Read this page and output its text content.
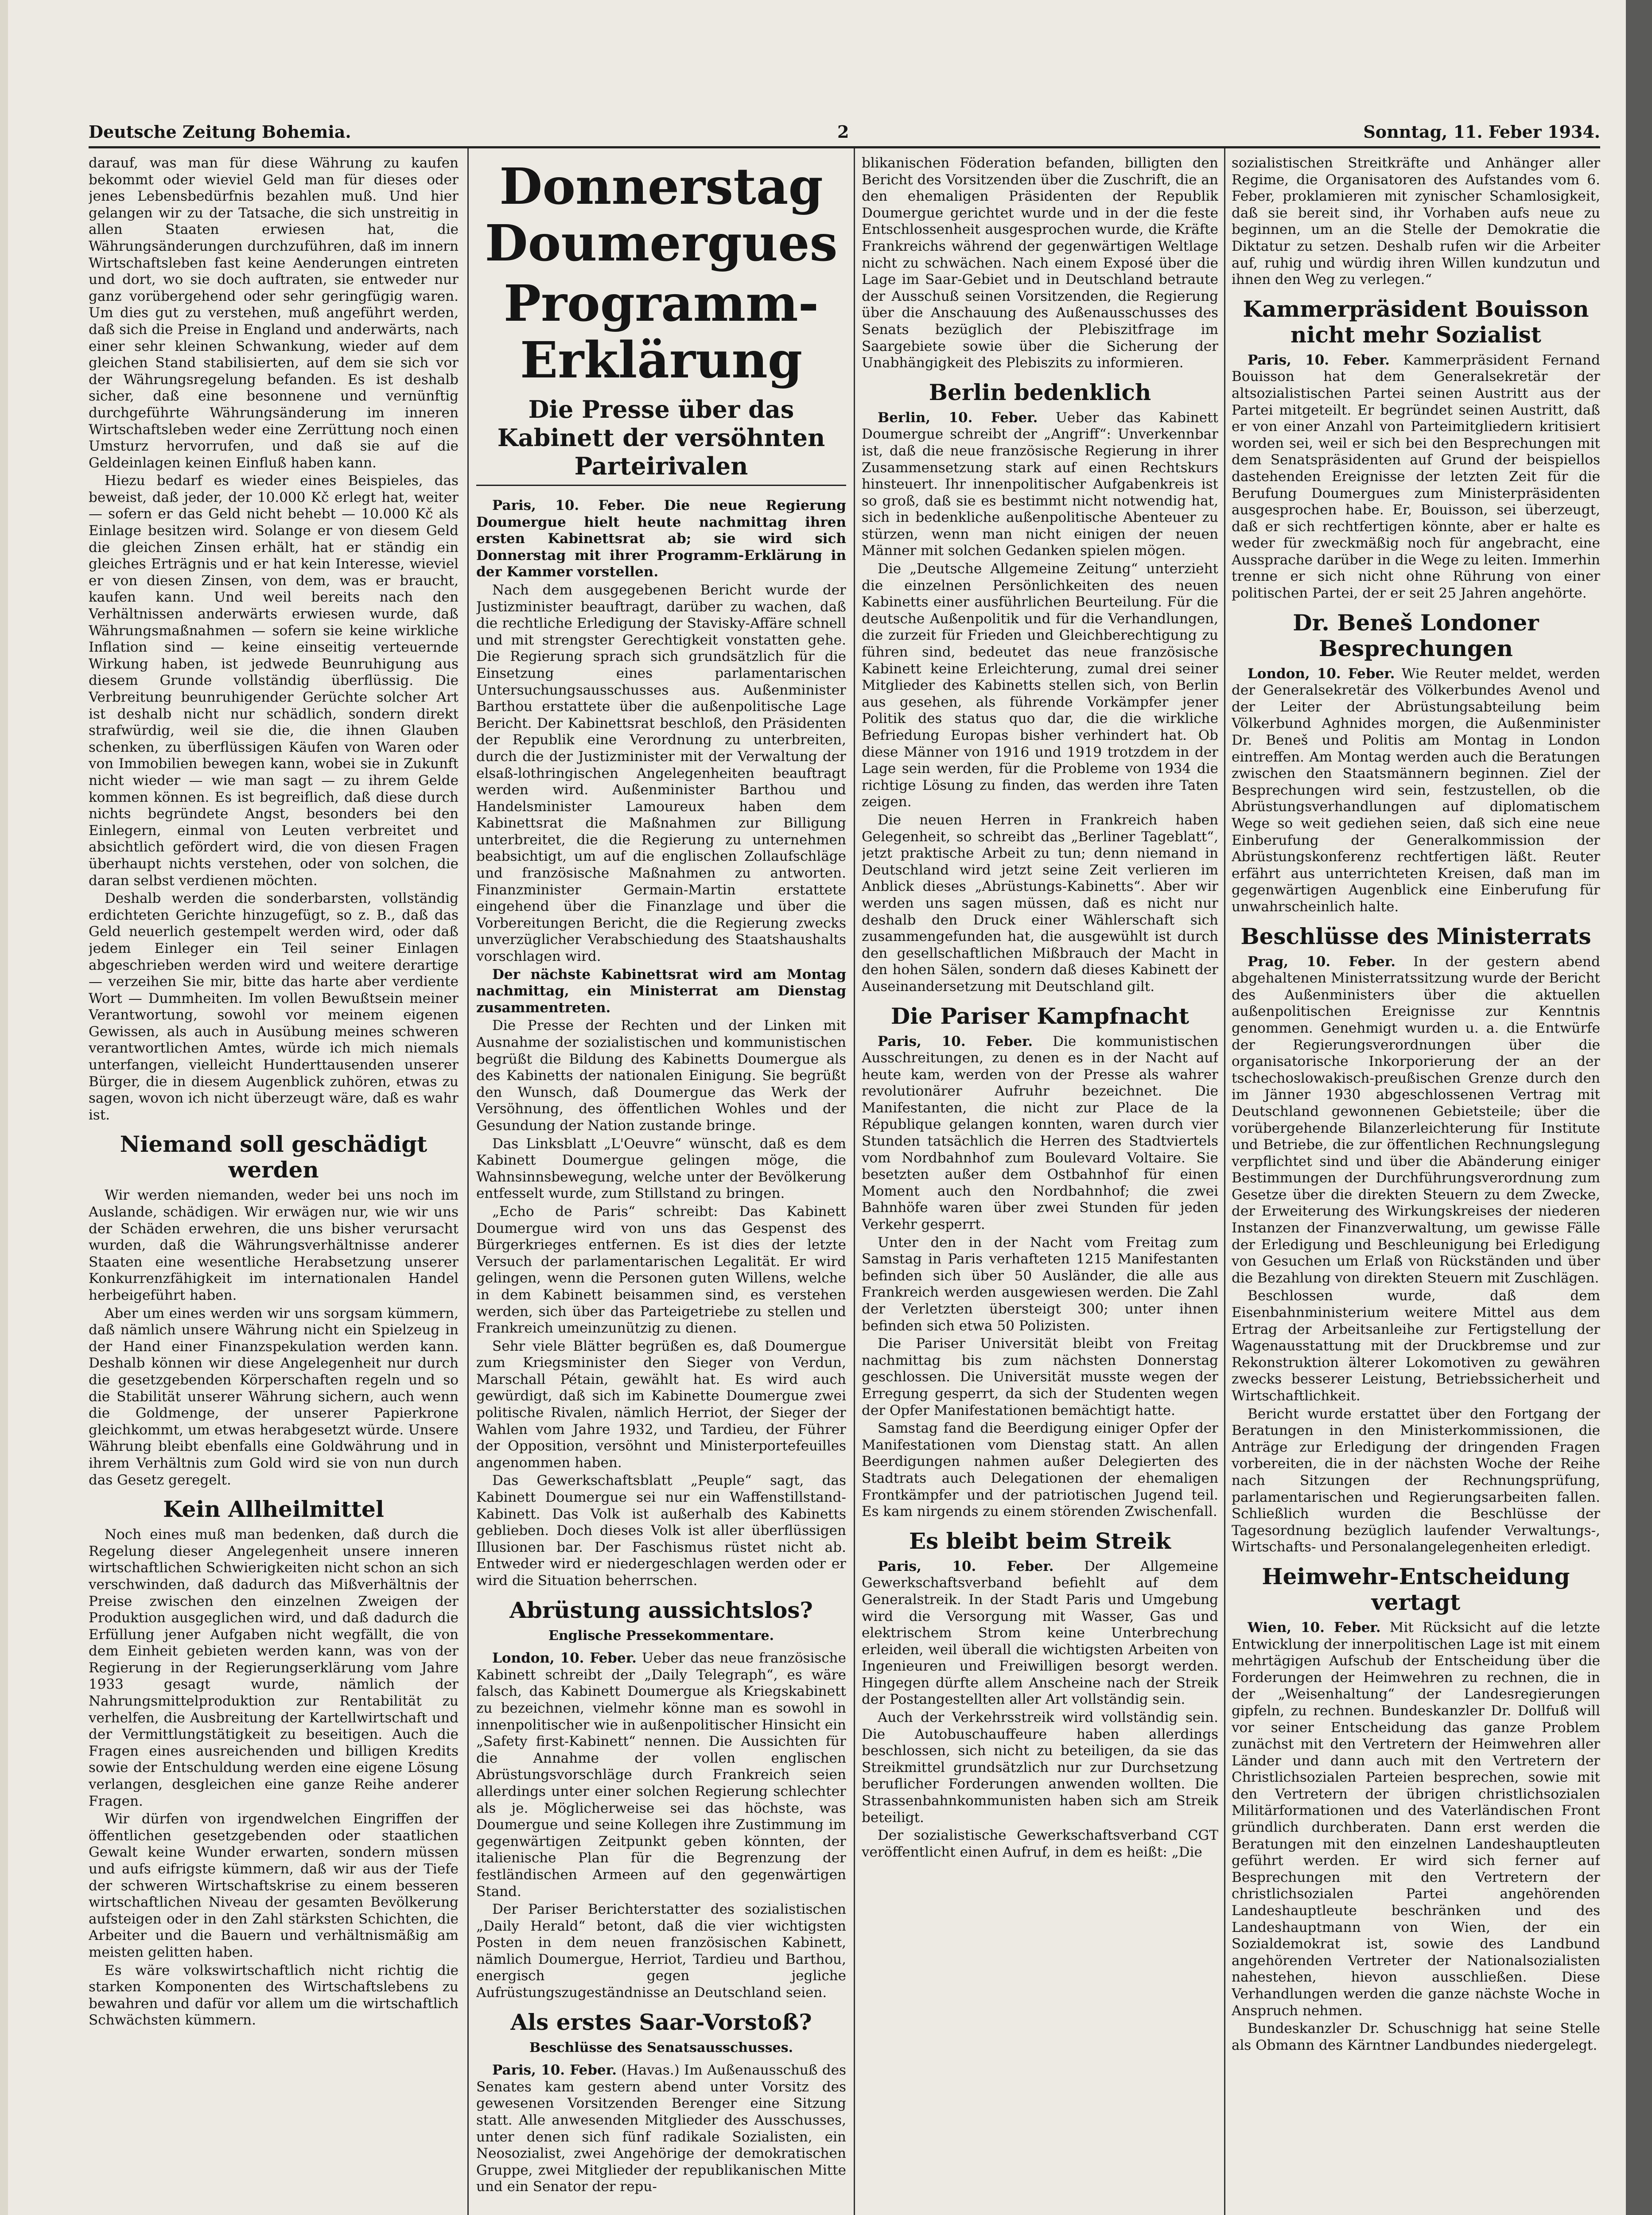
Deutsche Zeitung Bohemia.	2	Sonntag, 11. Feber 1934.

darauf, was man für diese Währung zu kaufen bekommt oder wieviel Geld man für dieses oder jenes Lebensbedürfnis bezahlen muß. Und hier gelangen wir zu der Tatsache, die sich unstreitig in allen Staaten erwiesen hat, die Währungsänderungen durchzuführen, daß im innern Wirtschaftsleben fast keine Aenderungen eintreten und dort, wo sie doch auftraten, sie entweder nur ganz vorübergehend oder sehr geringfügig waren. Um dies gut zu verstehen, muß angeführt werden, daß sich die Preise in England und anderwärts, nach einer sehr kleinen Schwankung, wieder auf dem gleichen Stand stabilisierten, auf dem sie sich vor der Währungsregelung befanden. Es ist deshalb sicher, daß eine besonnene und vernünftig durchgeführte Währungsänderung im inneren Wirtschaftsleben weder eine Zerrüttung noch einen Umsturz hervorrufen, und daß sie auf die Geldeinlagen keinen Einfluß haben kann.

Hiezu bedarf es wieder eines Beispieles, das beweist, daß jeder, der 10.000 Kč erlegt hat, weiter — sofern er das Geld nicht behebt — 10.000 Kč als Einlage besitzen wird. Solange er von diesem Geld die gleichen Zinsen erhält, hat er ständig ein gleiches Erträgnis und er hat kein Interesse, wieviel er von diesen Zinsen, von dem, was er braucht, kaufen kann. Und weil bereits nach den Verhältnissen anderwärts erwiesen wurde, daß Währungsmaßnahmen — sofern sie keine wirkliche Inflation sind — keine einseitig verteuernde Wirkung haben, ist jedwede Beunruhigung aus diesem Grunde vollständig überflüssig. Die Verbreitung beunruhigender Gerüchte solcher Art ist deshalb nicht nur schädlich, sondern direkt strafwürdig, weil sie die, die ihnen Glauben schenken, zu überflüssigen Käufen von Waren oder von Immobilien bewegen kann, wobei sie in Zukunft nicht wieder — wie man sagt — zu ihrem Gelde kommen können. Es ist begreiflich, daß diese durch nichts begründete Angst, besonders bei den Einlegern, einmal von Leuten verbreitet und absichtlich gefördert wird, die von diesen Fragen überhaupt nichts verstehen, oder von solchen, die daran selbst verdienen möchten.

Deshalb werden die sonderbarsten, vollständig erdichteten Gerichte hinzugefügt, so z. B., daß das Geld neuerlich gestempelt werden wird, oder daß jedem Einleger ein Teil seiner Einlagen abgeschrieben werden wird und weitere derartige — verzeihen Sie mir, bitte das harte aber verdiente Wort — Dummheiten. Im vollen Bewußtsein meiner Verantwortung, sowohl vor meinem eigenen Gewissen, als auch in Ausübung meines schweren verantwortlichen Amtes, würde ich mich niemals unterfangen, vielleicht Hunderttausenden unserer Bürger, die in diesem Augenblick zuhören, etwas zu sagen, wovon ich nicht überzeugt wäre, daß es wahr ist.

Niemand soll geschädigt werden

Wir werden niemanden, weder bei uns noch im Auslande, schädigen. Wir erwägen nur, wie wir uns der Schäden erwehren, die uns bisher verursacht wurden, daß die Währungsverhältnisse anderer Staaten eine wesentliche Herabsetzung unserer Konkurrenzfähigkeit im internationalen Handel herbeigeführt haben.

Aber um eines werden wir uns sorgsam kümmern, daß nämlich unsere Währung nicht ein Spielzeug in der Hand einer Finanzspekulation werden kann. Deshalb können wir diese Angelegenheit nur durch die gesetzgebenden Körperschaften regeln und so die Stabilität unserer Währung sichern, auch wenn die Goldmenge, der unserer Papierkrone gleichkommt, um etwas herabgesetzt würde. Unsere Währung bleibt ebenfalls eine Goldwährung und in ihrem Verhältnis zum Gold wird sie von nun durch das Gesetz geregelt.

Kein Allheilmittel

Noch eines muß man bedenken, daß durch die Regelung dieser Angelegenheit unsere inneren wirtschaftlichen Schwierigkeiten nicht schon an sich verschwinden, daß dadurch das Mißverhältnis der Preise zwischen den einzelnen Zweigen der Produktion ausgeglichen wird, und daß dadurch die Erfüllung jener Aufgaben nicht wegfällt, die von dem Einheit gebieten werden kann, was von der Regierung in der Regierungserklärung vom Jahre 1933 gesagt wurde, nämlich der Nahrungsmittelproduktion zur Rentabilität zu verhelfen, die Ausbreitung der Kartellwirtschaft und der Vermittlungstätigkeit zu beseitigen. Auch die Fragen eines ausreichenden und billigen Kredits sowie der Entschuldung werden eine eigene Lösung verlangen, desgleichen eine ganze Reihe anderer Fragen.

Wir dürfen von irgendwelchen Eingriffen der öffentlichen gesetzgebenden oder staatlichen Gewalt keine Wunder erwarten, sondern müssen und aufs eifrigste kümmern, daß wir aus der Tiefe der schweren Wirtschaftskrise zu einem besseren wirtschaftlichen Niveau der gesamten Bevölkerung aufsteigen oder in den Zahl stärksten Schichten, die Arbeiter und die Bauern und verhältnismäßig am meisten gelitten haben.

Es wäre volkswirtschaftlich nicht richtig die starken Komponenten des Wirtschaftslebens zu bewahren und dafür vor allem um die wirtschaftlich Schwächsten kümmern.

Donnerstag Doumergues
Programm-Erklärung
Die Presse über das Kabinett der versöhnten Parteirivalen

Paris, 10. Feber. Die neue Regierung Doumergue hielt heute nachmittag ihren ersten Kabinettsrat ab; sie wird sich Donnerstag mit ihrer Programm-Erklärung in der Kammer vorstellen.

Nach dem ausgegebenen Bericht wurde der Justizminister beauftragt, darüber zu wachen, daß die rechtliche Erledigung der Stavisky-Affäre schnell und mit strengster Gerechtigkeit vonstatten gehe. Die Regierung sprach sich grundsätzlich für die Einsetzung eines parlamentarischen Untersuchungsausschusses aus. Außenminister Barthou erstattete über die außenpolitische Lage Bericht. Der Kabinettsrat beschloß, den Präsidenten der Republik eine Verordnung zu unterbreiten, durch die der Justizminister mit der Verwaltung der elsaß-lothringischen Angelegenheiten beauftragt werden wird. Außenminister Barthou und Handelsminister Lamoureux haben dem Kabinettsrat die Maßnahmen zur Billigung unterbreitet, die die Regierung zu unternehmen beabsichtigt, um auf die englischen Zollaufschläge und französische Maßnahmen zu antworten. Finanzminister Germain-Martin erstattete eingehend über die Finanzlage und über die Vorbereitungen Bericht, die die Regierung zwecks unverzüglicher Verabschiedung des Staatshaushalts vorschlagen wird.

Der nächste Kabinettsrat wird am Montag nachmittag, ein Ministerrat am Dienstag zusammentreten.

Die Presse der Rechten und der Linken mit Ausnahme der sozialistischen und kommunistischen begrüßt die Bildung des Kabinetts Doumergue als des Kabinetts der nationalen Einigung. Sie begrüßt den Wunsch, daß Doumergue das Werk der Versöhnung, des öffentlichen Wohles und der Gesundung der Nation zustande bringe.

Das Linksblatt „L'Oeuvre“ wünscht, daß es dem Kabinett Doumergue gelingen möge, die Wahnsinnsbewegung, welche unter der Bevölkerung entfesselt wurde, zum Stillstand zu bringen.

„Echo de Paris“ schreibt: Das Kabinett Doumergue wird von uns das Gespenst des Bürgerkrieges entfernen. Es ist dies der letzte Versuch der parlamentarischen Legalität. Er wird gelingen, wenn die Personen guten Willens, welche in dem Kabinett beisammen sind, es verstehen werden, sich über das Parteigetriebe zu stellen und Frankreich umeinzunützig zu dienen.

Sehr viele Blätter begrüßen es, daß Doumergue zum Kriegsminister den Sieger von Verdun, Marschall Pétain, gewählt hat. Es wird auch gewürdigt, daß sich im Kabinette Doumergue zwei politische Rivalen, nämlich Herriot, der Sieger der Wahlen vom Jahre 1932, und Tardieu, der Führer der Opposition, versöhnt und Ministerportefeuilles angenommen haben.

Das Gewerkschaftsblatt „Peuple“ sagt, das Kabinett Doumergue sei nur ein Waffenstillstand-Kabinett. Das Volk ist außerhalb des Kabinetts geblieben. Doch dieses Volk ist aller überflüssigen Illusionen bar. Der Faschismus rüstet nicht ab. Entweder wird er niedergeschlagen werden oder er wird die Situation beherrschen.

Abrüstung aussichtslos?
Englische Pressekommentare.

London, 10. Feber. Ueber das neue französische Kabinett schreibt der „Daily Telegraph“, es wäre falsch, das Kabinett Doumergue als Kriegskabinett zu bezeichnen, vielmehr könne man es sowohl in innenpolitischer wie in außenpolitischer Hinsicht ein „Safety first-Kabinett“ nennen. Die Aussichten für die Annahme der vollen englischen Abrüstungsvorschläge durch Frankreich seien allerdings unter einer solchen Regierung schlechter als je. Möglicherweise sei das höchste, was Doumergue und seine Kollegen ihre Zustimmung im gegenwärtigen Zeitpunkt geben könnten, der italienische Plan für die Begrenzung der festländischen Armeen auf den gegenwärtigen Stand.

Der Pariser Berichterstatter des sozialistischen „Daily Herald“ betont, daß die vier wichtigsten Posten in dem neuen französischen Kabinett, nämlich Doumergue, Herriot, Tardieu und Barthou, energisch gegen jegliche Aufrüstungszugeständnisse an Deutschland seien.

Als erstes Saar-Vorstoß?
Beschlüsse des Senatsausschusses.

Paris, 10. Feber. (Havas.) Im Außenausschuß des Senates kam gestern abend unter Vorsitz des gewesenen Vorsitzenden Berenger eine Sitzung statt. Alle anwesenden Mitglieder des Ausschusses, unter denen sich fünf radikale Sozialisten, ein Neosozialist, zwei Angehörige der demokratischen Gruppe, zwei Mitglieder der republikanischen Mitte und ein Senator der repu-

blikanischen Föderation befanden, billigten den Bericht des Vorsitzenden über die Zuschrift, die an den ehemaligen Präsidenten der Republik Doumergue gerichtet wurde und in der die feste Entschlossenheit ausgesprochen wurde, die Kräfte Frankreichs während der gegenwärtigen Weltlage nicht zu schwächen. Nach einem Exposé über die Lage im Saar-Gebiet und in Deutschland betraute der Ausschuß seinen Vorsitzenden, die Regierung über die Anschauung des Außenausschusses des Senats bezüglich der Plebiszitfrage im Saargebiete sowie über die Sicherung der Unabhängigkeit des Plebiszits zu informieren.

Berlin bedenklich

Berlin, 10. Feber. Ueber das Kabinett Doumergue schreibt der „Angriff“: Unverkennbar ist, daß die neue französische Regierung in ihrer Zusammensetzung stark auf einen Rechtskurs hinsteuert. Ihr innenpolitischer Aufgabenkreis ist so groß, daß sie es bestimmt nicht notwendig hat, sich in bedenkliche außenpolitische Abenteuer zu stürzen, wenn man nicht einigen der neuen Männer mit solchen Gedanken spielen mögen.

Die „Deutsche Allgemeine Zeitung“ unterzieht die einzelnen Persönlichkeiten des neuen Kabinetts einer ausführlichen Beurteilung. Für die deutsche Außenpolitik und für die Verhandlungen, die zurzeit für Frieden und Gleichberechtigung zu führen sind, bedeutet das neue französische Kabinett keine Erleichterung, zumal drei seiner Mitglieder des Kabinetts stellen sich, von Berlin aus gesehen, als führende Vorkämpfer jener Politik des status quo dar, die die wirkliche Befriedung Europas bisher verhindert hat. Ob diese Männer von 1916 und 1919 trotzdem in der Lage sein werden, für die Probleme von 1934 die richtige Lösung zu finden, das werden ihre Taten zeigen.

Die neuen Herren in Frankreich haben Gelegenheit, so schreibt das „Berliner Tageblatt“, jetzt praktische Arbeit zu tun; denn niemand in Deutschland wird jetzt seine Zeit verlieren im Anblick dieses „Abrüstungs-Kabinetts“. Aber wir werden uns sagen müssen, daß es nicht nur deshalb den Druck einer Wählerschaft sich zusammengefunden hat, die ausgewühlt ist durch den gesellschaftlichen Mißbrauch der Macht in den hohen Sälen, sondern daß dieses Kabinett der Auseinandersetzung mit Deutschland gilt.

Die Pariser Kampfnacht

Paris, 10. Feber. Die kommunistischen Ausschreitungen, zu denen es in der Nacht auf heute kam, werden von der Presse als wahrer revolutionärer Aufruhr bezeichnet. Die Manifestanten, die nicht zur Place de la République gelangen konnten, waren durch vier Stunden tatsächlich die Herren des Stadtviertels vom Nordbahnhof zum Boulevard Voltaire. Sie besetzten außer dem Ostbahnhof für einen Moment auch den Nordbahnhof; die zwei Bahnhöfe waren über zwei Stunden für jeden Verkehr gesperrt.

Unter den in der Nacht vom Freitag zum Samstag in Paris verhafteten 1215 Manifestanten befinden sich über 50 Ausländer, die alle aus Frankreich werden ausgewiesen werden. Die Zahl der Verletzten übersteigt 300; unter ihnen befinden sich etwa 50 Polizisten.

Die Pariser Universität bleibt von Freitag nachmittag bis zum nächsten Donnerstag geschlossen. Die Universität musste wegen der Erregung gesperrt, da sich der Studenten wegen der Opfer Manifestationen bemächtigt hatte.

Samstag fand die Beerdigung einiger Opfer der Manifestationen vom Dienstag statt. An allen Beerdigungen nahmen außer Delegierten des Stadtrats auch Delegationen der ehemaligen Frontkämpfer und der patriotischen Jugend teil. Es kam nirgends zu einem störenden Zwischenfall.

Es bleibt beim Streik

Paris, 10. Feber. Der Allgemeine Gewerkschaftsverband befiehlt auf dem Generalstreik. In der Stadt Paris und Umgebung wird die Versorgung mit Wasser, Gas und elektrischem Strom keine Unterbrechung erleiden, weil überall die wichtigsten Arbeiten von Ingenieuren und Freiwilligen besorgt werden. Hingegen dürfte allem Anscheine nach der Streik der Postangestellten aller Art vollständig sein.

Auch der Verkehrsstreik wird vollständig sein. Die Autobuschauffeure haben allerdings beschlossen, sich nicht zu beteiligen, da sie das Streikmittel grundsätzlich nur zur Durchsetzung beruflicher Forderungen anwenden wollten. Die Strassenbahnkommunisten haben sich am Streik beteiligt.

Der sozialistische Gewerkschaftsverband CGT veröffentlicht einen Aufruf, in dem es heißt: „Die

sozialistischen Streitkräfte und Anhänger aller Regime, die Organisatoren des Aufstandes vom 6. Feber, proklamieren mit zynischer Schamlosigkeit, daß sie bereit sind, ihr Vorhaben aufs neue zu beginnen, um an die Stelle der Demokratie die Diktatur zu setzen. Deshalb rufen wir die Arbeiter auf, ruhig und würdig ihren Willen kundzutun und ihnen den Weg zu verlegen.“

Kammerpräsident Bouisson nicht mehr Sozialist

Paris, 10. Feber. Kammerpräsident Fernand Bouisson hat dem Generalsekretär der altsozialistischen Partei seinen Austritt aus der Partei mitgeteilt. Er begründet seinen Austritt, daß er von einer Anzahl von Parteimitgliedern kritisiert worden sei, weil er sich bei den Besprechungen mit dem Senatspräsidenten auf Grund der beispiellos dastehenden Ereignisse der letzten Zeit für die Berufung Doumergues zum Ministerpräsidenten ausgesprochen habe. Er, Bouisson, sei überzeugt, daß er sich rechtfertigen könnte, aber er halte es weder für zweckmäßig noch für angebracht, eine Aussprache darüber in die Wege zu leiten. Immerhin trenne er sich nicht ohne Rührung von einer politischen Partei, der er seit 25 Jahren angehörte.

Dr. Beneš Londoner Besprechungen

London, 10. Feber. Wie Reuter meldet, werden der Generalsekretär des Völkerbundes Avenol und der Leiter der Abrüstungsabteilung beim Völkerbund Aghnides morgen, die Außenminister Dr. Beneš und Politis am Montag in London eintreffen. Am Montag werden auch die Beratungen zwischen den Staatsmännern beginnen. Ziel der Besprechungen wird sein, festzustellen, ob die Abrüstungsverhandlungen auf diplomatischem Wege so weit gediehen seien, daß sich eine neue Einberufung der Generalkommission der Abrüstungskonferenz rechtfertigen läßt. Reuter erfährt aus unterrichteten Kreisen, daß man im gegenwärtigen Augenblick eine Einberufung für unwahrscheinlich halte.

Beschlüsse des Ministerrats

Prag, 10. Feber. In der gestern abend abgehaltenen Ministerratssitzung wurde der Bericht des Außenministers über die aktuellen außenpolitischen Ereignisse zur Kenntnis genommen. Genehmigt wurden u. a. die Entwürfe der Regierungsverordnungen über die organisatorische Inkorporierung der an der tschechoslowakisch-preußischen Grenze durch den im Jänner 1930 abgeschlossenen Vertrag mit Deutschland gewonnenen Gebietsteile; über die vorübergehende Bilanzerleichterung für Institute und Betriebe, die zur öffentlichen Rechnungslegung verpflichtet sind und über die Abänderung einiger Bestimmungen der Durchführungsverordnung zum Gesetze über die direkten Steuern zu dem Zwecke, der Erweiterung des Wirkungskreises der niederen Instanzen der Finanzverwaltung, um gewisse Fälle der Erledigung und Beschleunigung bei Erledigung von Gesuchen um Erlaß von Rückständen und über die Bezahlung von direkten Steuern mit Zuschlägen.

Beschlossen wurde, daß dem Eisenbahnministerium weitere Mittel aus dem Ertrag der Arbeitsanleihe zur Fertigstellung der Wagenausstattung mit der Druckbremse und zur Rekonstruktion älterer Lokomotiven zu gewähren zwecks besserer Leistung, Betriebssicherheit und Wirtschaftlichkeit.

Bericht wurde erstattet über den Fortgang der Beratungen in den Ministerkommissionen, die Anträge zur Erledigung der dringenden Fragen vorbereiten, die in der nächsten Woche der Reihe nach Sitzungen der Rechnungsprüfung, parlamentarischen und Regierungsarbeiten fallen. Schließlich wurden die Beschlüsse der Tagesordnung bezüglich laufender Verwaltungs-, Wirtschafts- und Personalangelegenheiten erledigt.

Heimwehr-Entscheidung vertagt

Wien, 10. Feber. Mit Rücksicht auf die letzte Entwicklung der innerpolitischen Lage ist mit einem mehrtägigen Aufschub der Entscheidung über die Forderungen der Heimwehren zu rechnen, die in der „Weisenhaltung“ der Landesregierungen gipfeln, zu rechnen. Bundeskanzler Dr. Dollfuß will vor seiner Entscheidung das ganze Problem zunächst mit den Vertretern der Heimwehren aller Länder und dann auch mit den Vertretern der Christlichsozialen Parteien besprechen, sowie mit den Vertretern der übrigen christlichsozialen Militärformationen und des Vaterländischen Front gründlich durchberaten. Dann erst werden die Beratungen mit den einzelnen Landeshauptleuten geführt werden. Er wird sich ferner auf Besprechungen mit den Vertretern der christlichsozialen Partei angehörenden Landeshauptleute beschränken und des Landeshauptmann von Wien, der ein Sozialdemokrat ist, sowie des Landbund angehörenden Vertreter der Nationalsozialisten nahestehen, hievon ausschließen. Diese Verhandlungen werden die ganze nächste Woche in Anspruch nehmen.

Bundeskanzler Dr. Schuschnigg hat seine Stelle als Obmann des Kärntner Landbundes niedergelegt.
